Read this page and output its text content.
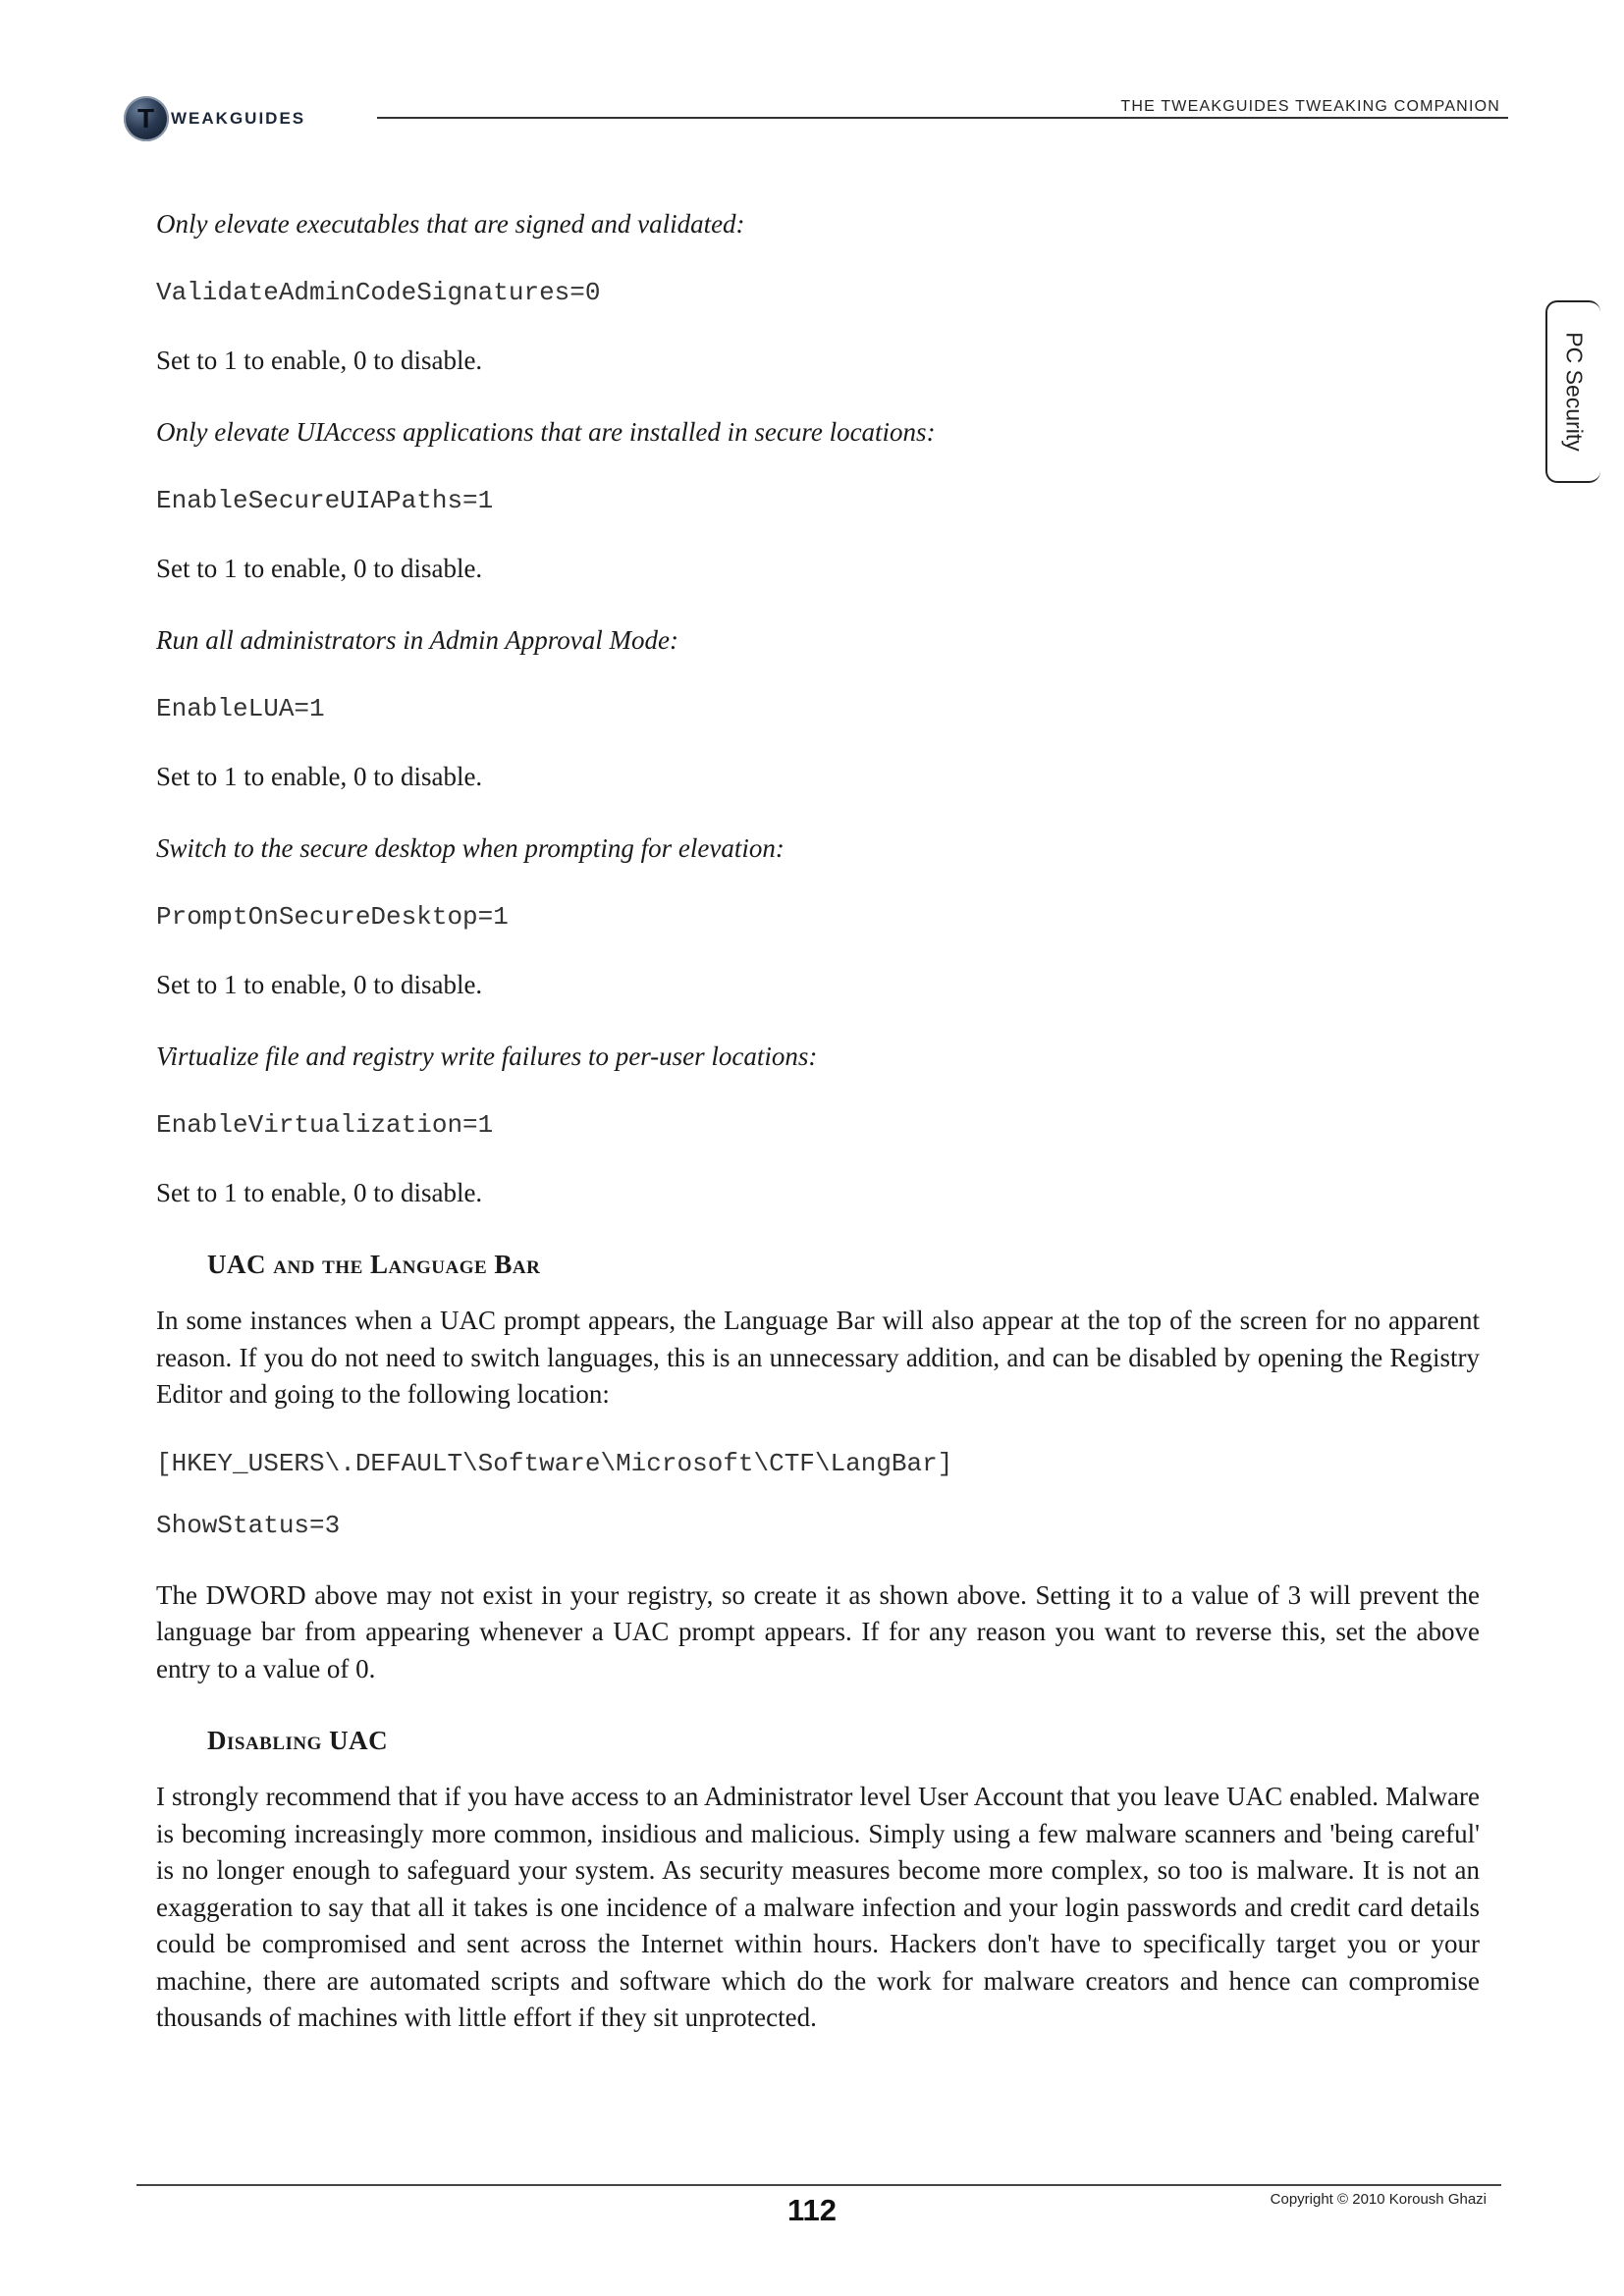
T WEAKGUIDES
THE TWEAKGUIDES TWEAKING COMPANION
PC Security

Only elevate executables that are signed and validated:

ValidateAdminCodeSignatures=0

Set to 1 to enable, 0 to disable.

Only elevate UIAccess applications that are installed in secure locations:

EnableSecureUIAPaths=1

Set to 1 to enable, 0 to disable.

Run all administrators in Admin Approval Mode:

EnableLUA=1

Set to 1 to enable, 0 to disable.

Switch to the secure desktop when prompting for elevation:

PromptOnSecureDesktop=1

Set to 1 to enable, 0 to disable.

Virtualize file and registry write failures to per-user locations:

EnableVirtualization=1

Set to 1 to enable, 0 to disable.

UAC and the Language Bar

In some instances when a UAC prompt appears, the Language Bar will also appear at the top of the screen for no apparent reason. If you do not need to switch languages, this is an unnecessary addition, and can be disabled by opening the Registry Editor and going to the following location:

[HKEY_USERS\.DEFAULT\Software\Microsoft\CTF\LangBar]

ShowStatus=3

The DWORD above may not exist in your registry, so create it as shown above. Setting it to a value of 3 will prevent the language bar from appearing whenever a UAC prompt appears. If for any reason you want to reverse this, set the above entry to a value of 0.

Disabling UAC

I strongly recommend that if you have access to an Administrator level User Account that you leave UAC enabled. Malware is becoming increasingly more common, insidious and malicious. Simply using a few malware scanners and 'being careful' is no longer enough to safeguard your system. As security measures become more complex, so too is malware. It is not an exaggeration to say that all it takes is one incidence of a malware infection and your login passwords and credit card details could be compromised and sent across the Internet within hours. Hackers don't have to specifically target you or your machine, there are automated scripts and software which do the work for malware creators and hence can compromise thousands of machines with little effort if they sit unprotected.

112	Copyright © 2010 Koroush Ghazi
